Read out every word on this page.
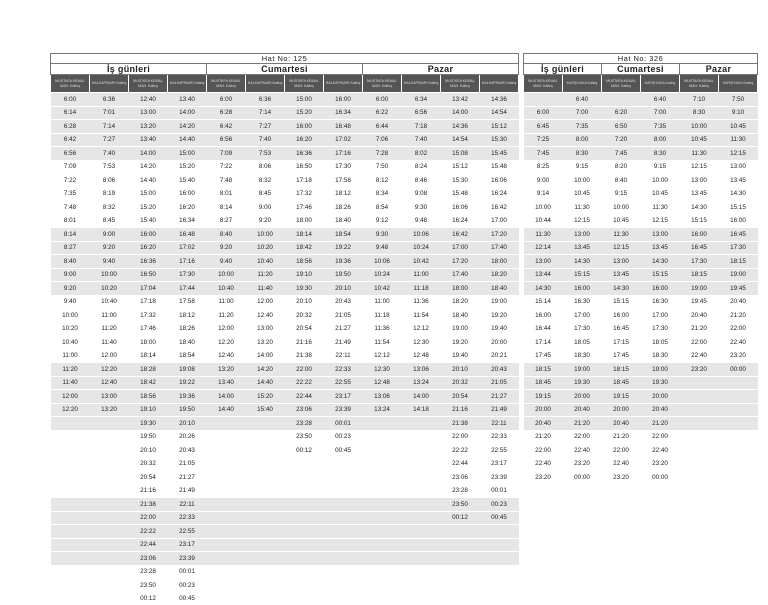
Hat No: 125											
İş günleri				Cumartesi				Pazar			
MUSTAFA KEMAL MAH. Kalkış	HALKAPINARI Kalkış	MUSTAFA KEMAL MAH. Kalkış	HALKAPINARI Kalkış	MUSTAFA KEMAL MAH. Kalkış	HALKAPINARI Kalkış	MUSTAFA KEMAL MAH. Kalkış	HALKAPINARI Kalkış	MUSTAFA KEMAL MAH. Kalkış	HALKAPINARI Kalkış	MUSTAFA KEMAL MAH. Kalkış	HALKAPINARI Kalkış
6:00	6:36	12:40	13:40	6:00	6:36	15:00	16:00	6:00	6:34	13:42	14:36
6:14	7:01	13:00	14:00	6:28	7:14	15:20	16:34	6:22	6:56	14:00	14:54
6:28	7:14	13:20	14:20	6:42	7:27	16:00	16:48	6:44	7:18	14:36	15:12
6:42	7:27	13:40	14:40	6:56	7:40	16:20	17:02	7:06	7:40	14:54	15:30
6:56	7:40	14:00	15:00	7:09	7:53	16:36	17:16	7:28	8:02	15:08	15:45
7:09	7:53	14:20	15:20	7:22	8:06	16:50	17:30	7:50	8:24	15:12	15:48
7:22	8:06	14:40	15:40	7:48	8:32	17:18	17:58	8:12	8:46	15:30	16:06
7:35	8:19	15:00	16:00	8:01	8:45	17:32	18:12	8:34	9:08	15:48	16:24
7:48	8:32	15:20	16:20	8:14	9:00	17:46	18:26	8:54	9:30	16:06	16:42
8:01	8:45	15:40	16:34	8:27	9:20	18:00	18:40	9:12	9:48	16:24	17:00
8:14	9:00	16:00	16:48	8:40	10:00	18:14	18:54	9:30	10:06	16:42	17:20
8:27	9:20	16:20	17:02	9:20	10:20	18:42	19:22	9:48	10:24	17:00	17:40
8:40	9:40	16:36	17:16	9:40	10:40	18:56	19:36	10:06	10:42	17:20	18:00
9:00	10:00	16:50	17:30	10:00	11:20	19:10	19:50	10:24	11:00	17:40	18:20
9:20	10:20	17:04	17:44	10:40	11:40	19:30	20:10	10:42	11:18	18:00	18:40
9:40	10:40	17:18	17:58	11:00	12:00	20:10	20:43	11:00	11:36	18:20	19:00
10:00	11:00	17:32	18:12	11:20	12:40	20:32	21:05	11:18	11:54	18:40	19:20
10:20	11:20	17:46	18:26	12:00	13:00	20:54	21:27	11:36	12:12	19:00	19:40
10:40	11:40	18:00	18:40	12:20	13:20	21:16	21:49	11:54	12:30	19:20	20:00
11:00	12:00	18:14	18:54	12:40	14:00	21:38	22:11	12:12	12:48	19:40	20:21
11:20	12:20	18:28	19:08	13:20	14:20	22:00	22:33	12:30	13:06	20:10	20:43
11:40	12:40	18:42	19:22	13:40	14:40	22:22	22:55	12:48	13:24	20:32	21:05
12:00	13:00	18:56	19:36	14:00	15:20	22:44	23:17	13:06	14:00	20:54	21:27
12:20	13:20	19:10	19:50	14:40	15:40	23:06	23:39	13:24	14:18	21:16	21:49
		19:30	20:10			23:28	00:01			21:38	22:11
		19:50	20:26			23:50	00:23			22:00	22:33
		20:10	20:43			00:12	00:45			22:22	22:55
		20:32	21:05							22:44	23:17
		20:54	21:27							23:06	23:39
		21:16	21:49							23:28	00:01
		21:38	22:11							23:50	00:23
		22:00	22:33							00:12	00:45
		22:22	22:55								
		22:44	23:17								
		23:06	23:39								
		23:28	00:01								
		23:50	00:23								
		00:12	00:45								
Hat No: 326					
İş günleri		Cumartesi		Pazar	
MUSTAFA KEMAL MAH. Kalkış	KARŞIYAKA Kalkış	MUSTAFA KEMAL MAH. Kalkış	KARŞIYAKA Kalkış	MUSTAFA KEMAL MAH. Kalkış	KARŞIYAKA Kalkış
	6:40		6:40	7:10	7:50
6:00	7:00	6:20	7:00	8:30	9:10
6:45	7:35	6:50	7:35	10:00	10:45
7:25	8:00	7:20	8:00	10:45	11:30
7:45	8:30	7:45	8:30	11:30	12:15
8:25	9:15	8:20	9:15	12:15	13:00
9:00	10:00	8:40	10:00	13:00	13:45
9:14	10:45	9:15	10:45	13:45	14:30
10:00	11:30	10:00	11:30	14:30	15:15
10:44	12:15	10:45	12:15	15:15	16:00
11:30	13:00	11:30	13:00	16:00	16:45
12:14	13:45	12:15	13:45	16:45	17:30
13:00	14:30	13:00	14:30	17:30	18:15
13:44	15:15	13:45	15:15	18:15	19:00
14:30	16:00	14:30	16:00	19:00	19:45
15:14	16:30	15:15	16:30	19:45	20:40
16:00	17:00	16:00	17:00	20:40	21:20
16:44	17:30	16:45	17:30	21:20	22:00
17:14	18:05	17:15	18:05	22:00	22:40
17:45	18:30	17:45	18:30	22:40	23:20
18:15	19:00	18:15	19:00	23:20	00:00
18:45	19:30	18:45	19:30		
19:15	20:00	19:15	20:00		
20:00	20:40	20:00	20:40		
20:40	21:20	20:40	21:20		
21:20	22:00	21:20	22:00		
22:00	22:40	22:00	22:40		
22:40	23:20	22:40	23:20		
23:20	00:00	23:20	00:00		
